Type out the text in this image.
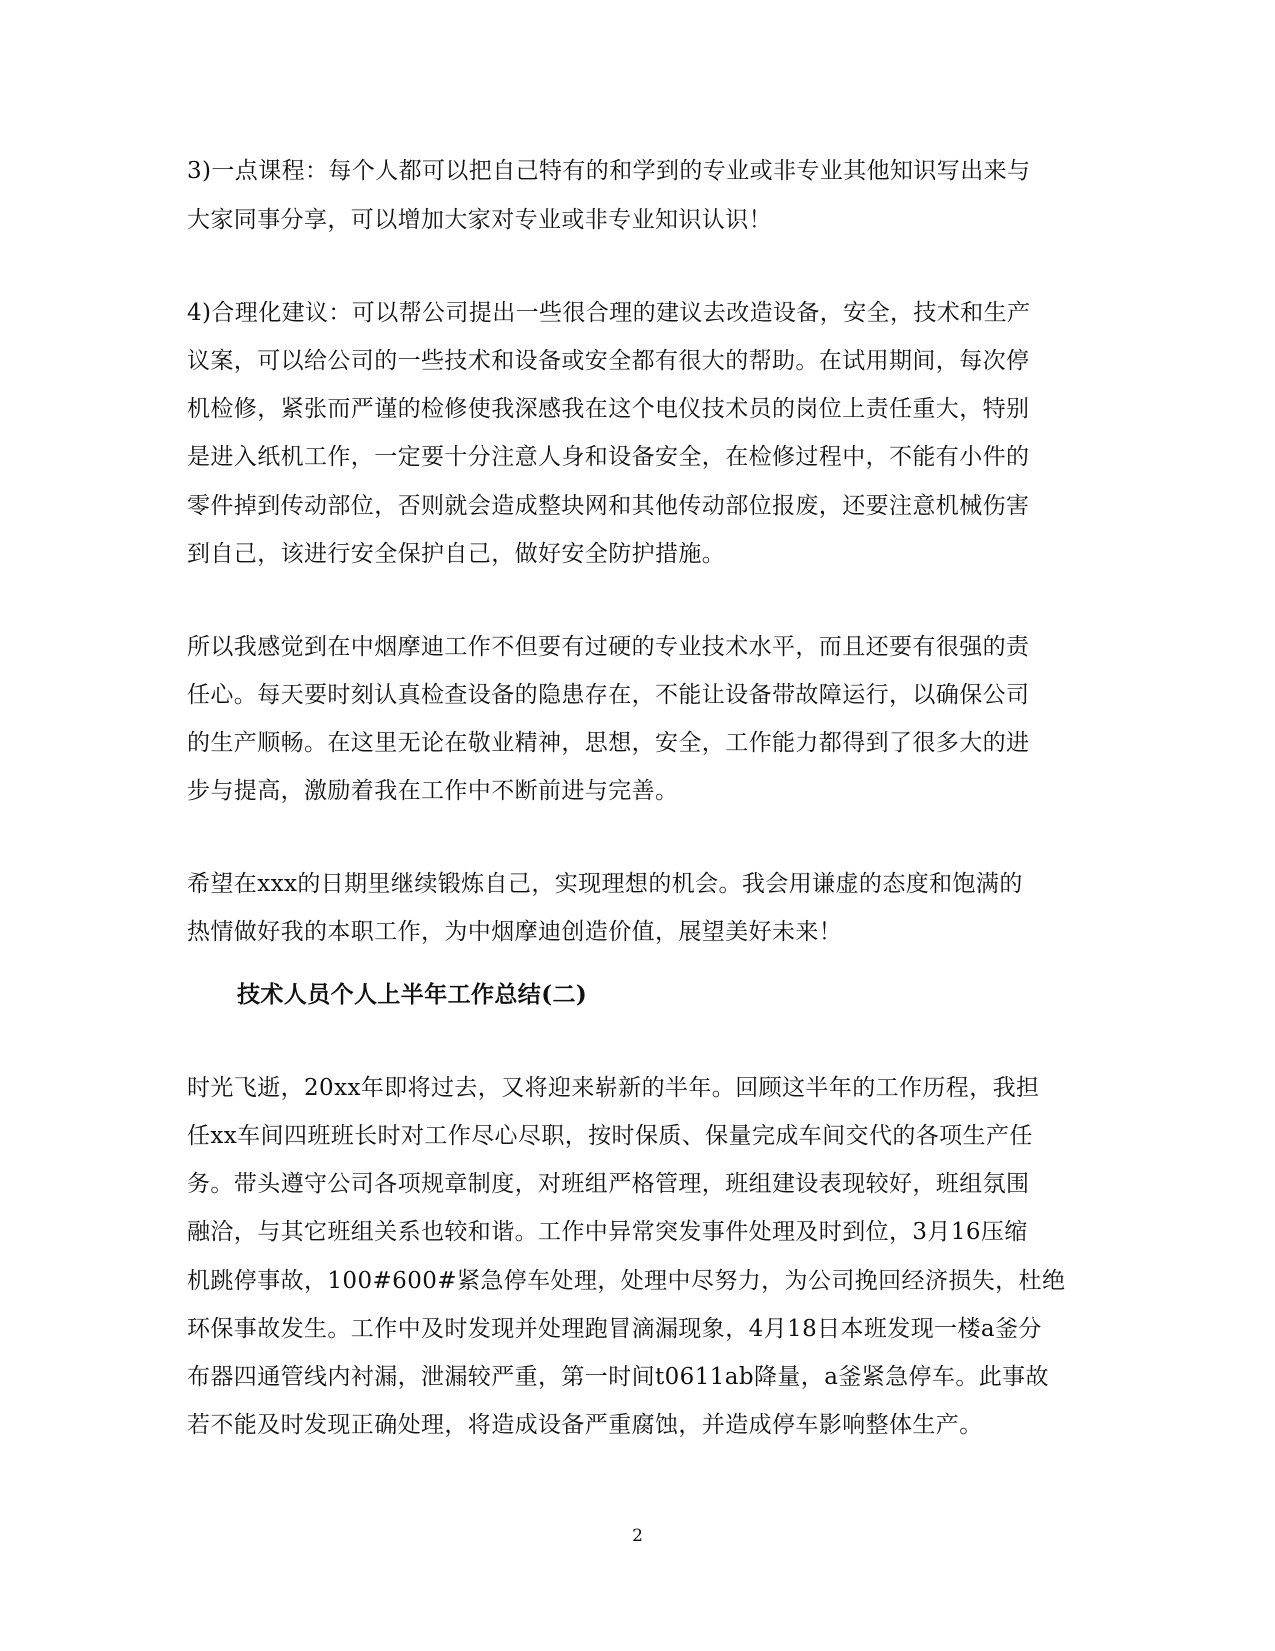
3)一点课程：每个人都可以把自己特有的和学到的专业或非专业其他知识写出来与

大家同事分享，可以增加大家对专业或非专业知识认识！

4)合理化建议：可以帮公司提出一些很合理的建议去改造设备，安全，技术和生产

议案，可以给公司的一些技术和设备或安全都有很大的帮助。在试用期间，每次停

机检修，紧张而严谨的检修使我深感我在这个电仪技术员的岗位上责任重大，特别

是进入纸机工作，一定要十分注意人身和设备安全，在检修过程中，不能有小件的

零件掉到传动部位，否则就会造成整块网和其他传动部位报废，还要注意机械伤害

到自己，该进行安全保护自己，做好安全防护措施。

所以我感觉到在中烟摩迪工作不但要有过硬的专业技术水平，而且还要有很强的责

任心。每天要时刻认真检查设备的隐患存在，不能让设备带故障运行，以确保公司

的生产顺畅。在这里无论在敬业精神，思想，安全，工作能力都得到了很多大的进

步与提高，激励着我在工作中不断前进与完善。

希望在xxx的日期里继续锻炼自己，实现理想的机会。我会用谦虚的态度和饱满的

热情做好我的本职工作，为中烟摩迪创造价值，展望美好未来！

技术人员个人上半年工作总结(二)

时光飞逝，20xx年即将过去，又将迎来崭新的半年。回顾这半年的工作历程，我担

任xx车间四班班长时对工作尽心尽职，按时保质、保量完成车间交代的各项生产任

务。带头遵守公司各项规章制度，对班组严格管理，班组建设表现较好，班组氛围

融洽，与其它班组关系也较和谐。工作中异常突发事件处理及时到位，3月16压缩

机跳停事故，100#600#紧急停车处理，处理中尽努力，为公司挽回经济损失，杜绝

环保事故发生。工作中及时发现并处理跑冒滴漏现象，4月18日本班发现一楼a釜分

布器四通管线内衬漏，泄漏较严重，第一时间t0611ab降量，a釜紧急停车。此事故

若不能及时发现正确处理，将造成设备严重腐蚀，并造成停车影响整体生产。

2
